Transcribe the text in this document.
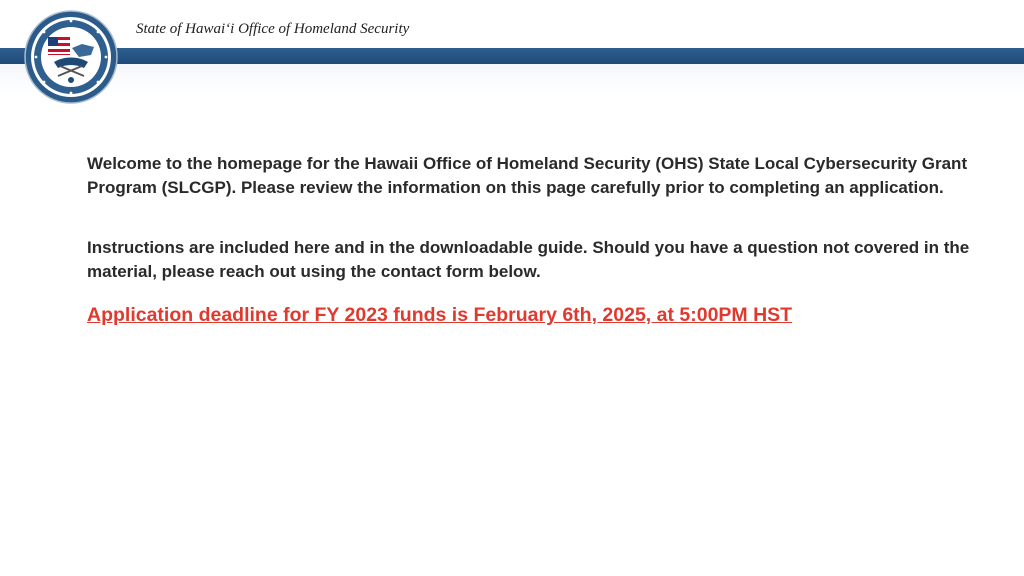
State of Hawai‘i Office of Homeland Security

Welcome to the homepage for the Hawaii Office of Homeland Security (OHS) State Local Cybersecurity Grant Program (SLCGP). Please review the information on this page carefully prior to completing an application.

Instructions are included here and in the downloadable guide. Should you have a question not covered in the material, please reach out using the contact form below.

Application deadline for FY 2023 funds is February 6th, 2025, at 5:00PM HST
